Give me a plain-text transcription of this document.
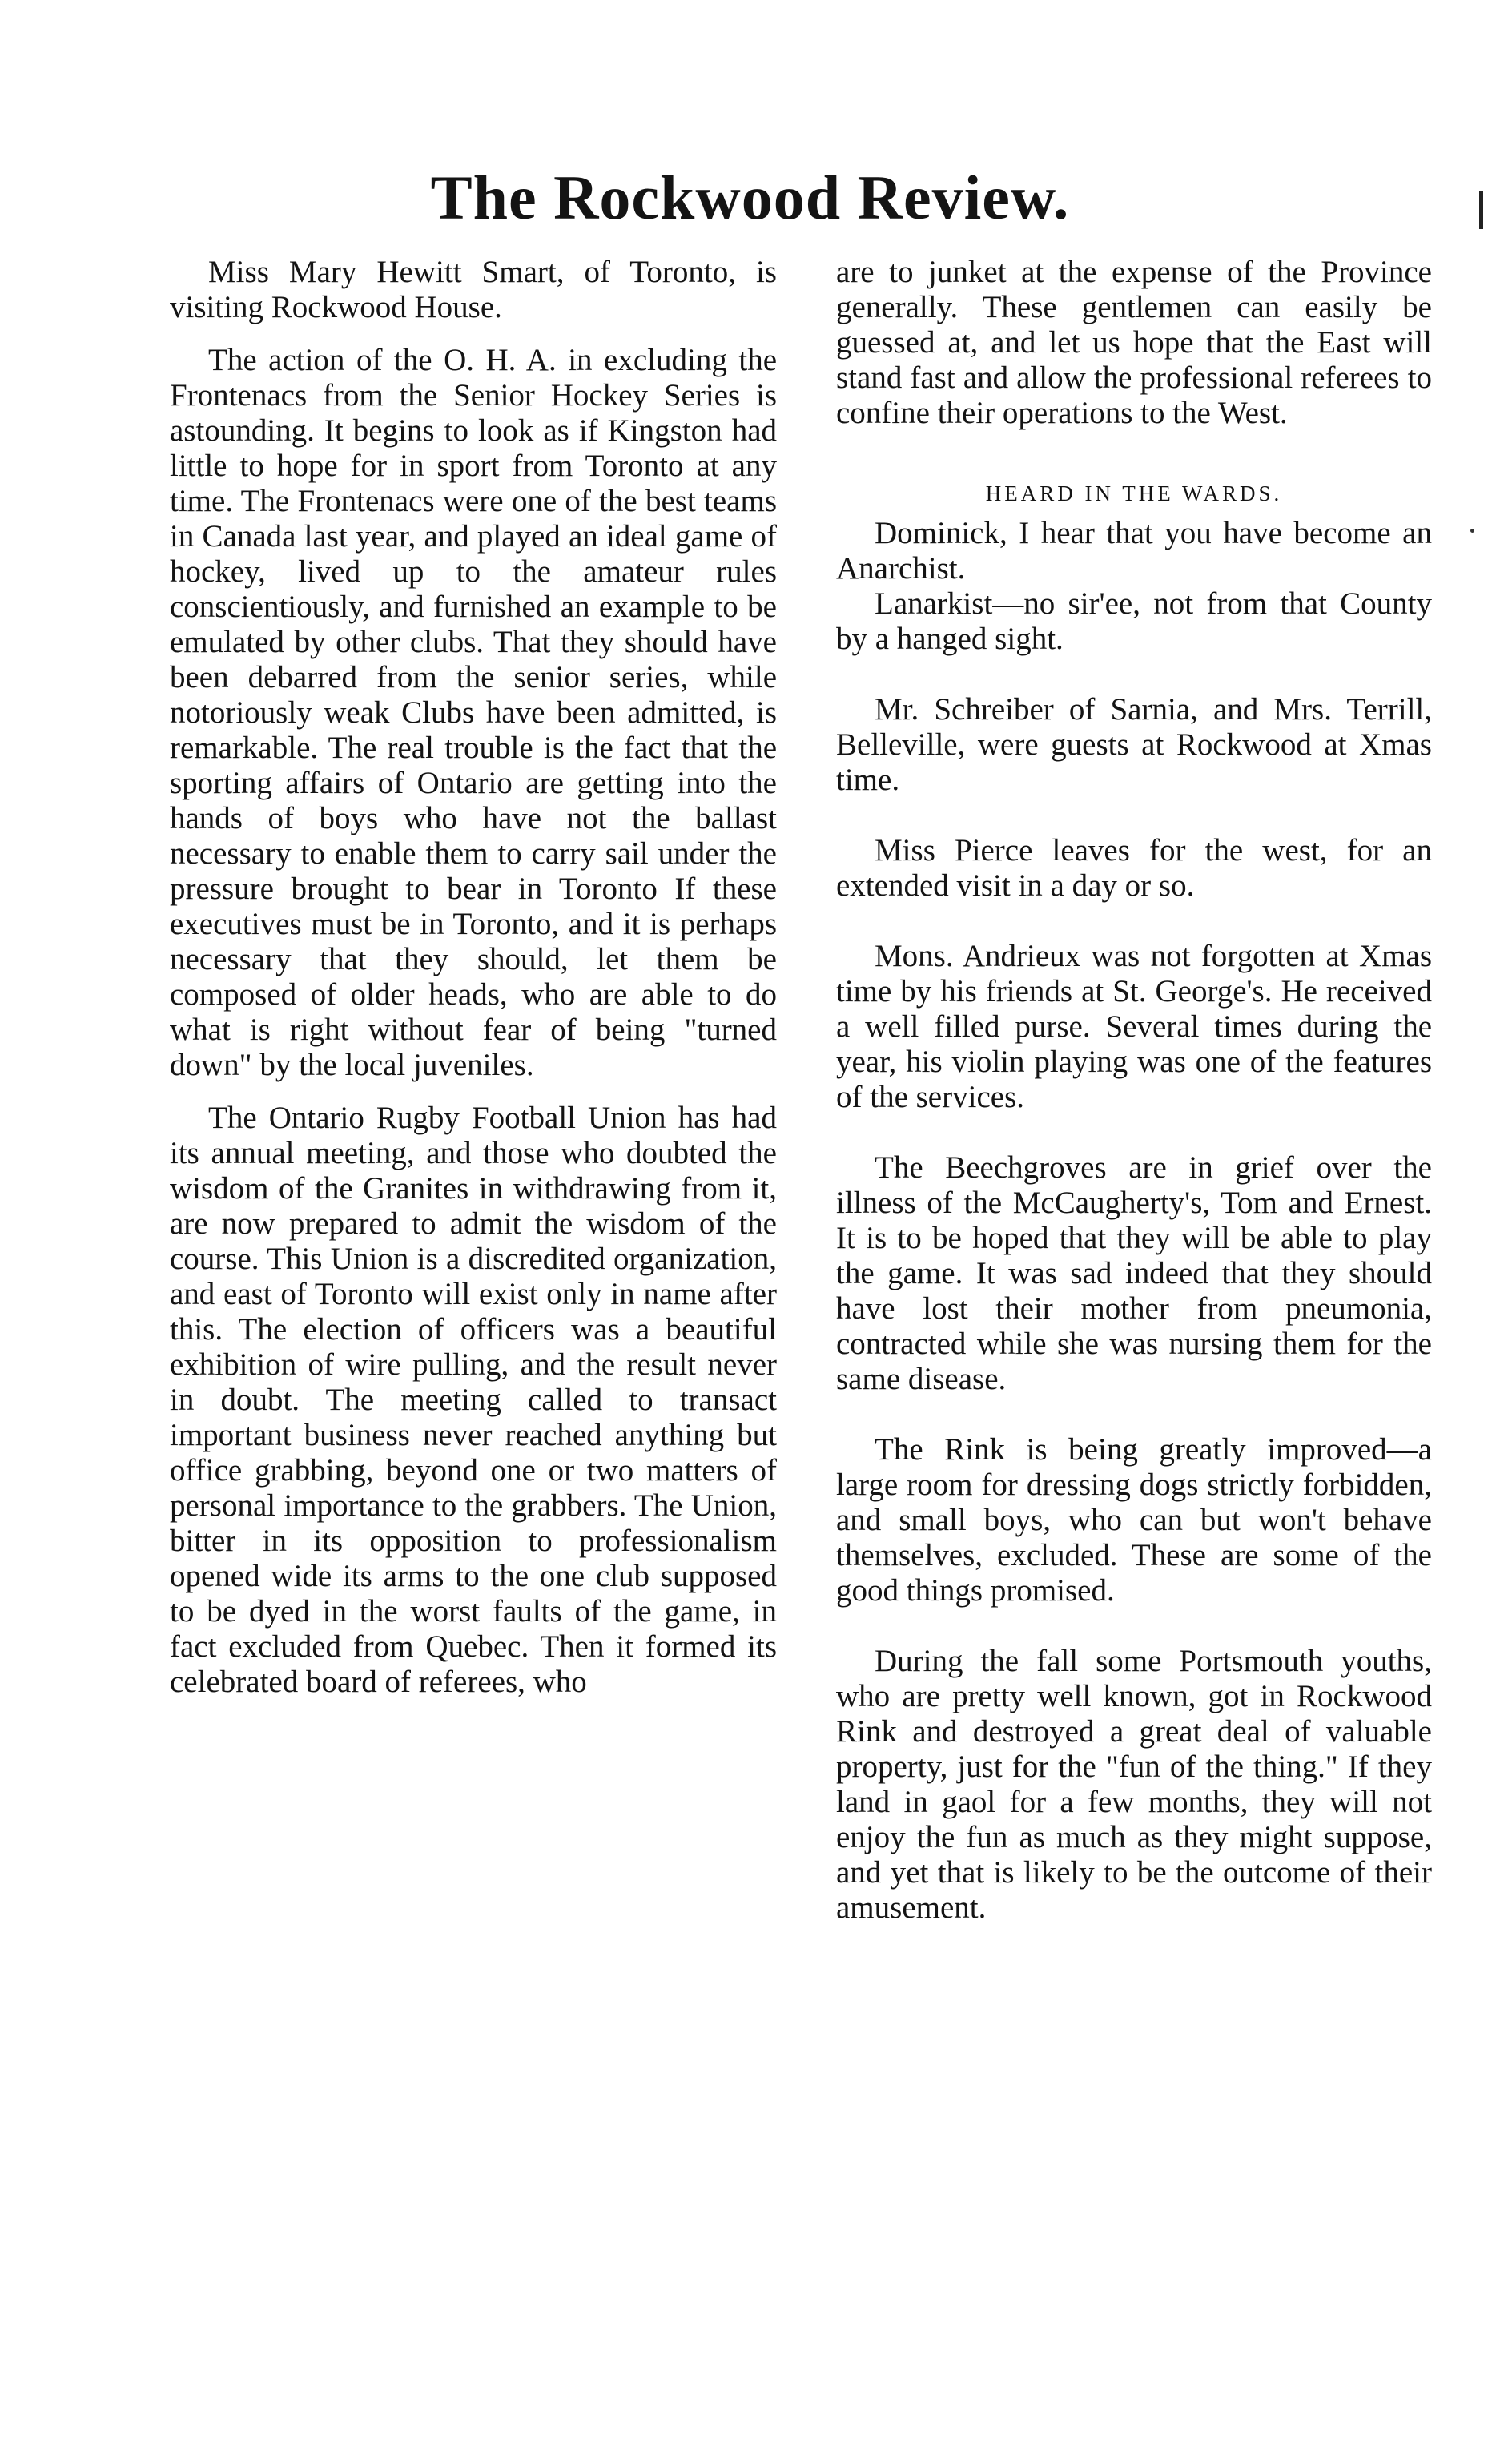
The Rockwood Review.

Miss Mary Hewitt Smart, of Toronto, is visiting Rockwood House.

The action of the O. H. A. in excluding the Frontenacs from the Senior Hockey Series is astounding. It begins to look as if Kingston had little to hope for in sport from Toronto at any time. The Frontenacs were one of the best teams in Canada last year, and played an ideal game of hockey, lived up to the amateur rules conscientiously, and furnished an example to be emulated by other clubs. That they should have been debarred from the senior series, while notoriously weak Clubs have been admitted, is remarkable. The real trouble is the fact that the sporting affairs of Ontario are getting into the hands of boys who have not the ballast necessary to enable them to carry sail under the pressure brought to bear in Toronto If these executives must be in Toronto, and it is perhaps necessary that they should, let them be composed of older heads, who are able to do what is right without fear of being "turned down" by the local juveniles.

The Ontario Rugby Football Union has had its annual meeting, and those who doubted the wisdom of the Granites in withdrawing from it, are now prepared to admit the wisdom of the course. This Union is a discredited organization, and east of Toronto will exist only in name after this. The election of officers was a beautiful exhibition of wire pulling, and the result never in doubt. The meeting called to transact important business never reached anything but office grabbing, beyond one or two matters of personal importance to the grabbers. The Union, bitter in its opposition to professionalism opened wide its arms to the one club supposed to be dyed in the worst faults of the game, in fact excluded from Quebec. Then it formed its celebrated board of referees, who

are to junket at the expense of the Province generally. These gentlemen can easily be guessed at, and let us hope that the East will stand fast and allow the professional referees to confine their operations to the West.

HEARD IN THE WARDS.

Dominick, I hear that you have become an Anarchist.

Lanarkist—no sir'ee, not from that County by a hanged sight.

Mr. Schreiber of Sarnia, and Mrs. Terrill, Belleville, were guests at Rockwood at Xmas time.

Miss Pierce leaves for the west, for an extended visit in a day or so.

Mons. Andrieux was not forgotten at Xmas time by his friends at St. George's. He received a well filled purse. Several times during the year, his violin playing was one of the features of the services.

The Beechgroves are in grief over the illness of the McCaugherty's, Tom and Ernest. It is to be hoped that they will be able to play the game. It was sad indeed that they should have lost their mother from pneumonia, contracted while she was nursing them for the same disease.

The Rink is being greatly improved—a large room for dressing dogs strictly forbidden, and small boys, who can but won't behave themselves, excluded. These are some of the good things promised.

During the fall some Portsmouth youths, who are pretty well known, got in Rockwood Rink and destroyed a great deal of valuable property, just for the "fun of the thing." If they land in gaol for a few months, they will not enjoy the fun as much as they might suppose, and yet that is likely to be the outcome of their amusement.
